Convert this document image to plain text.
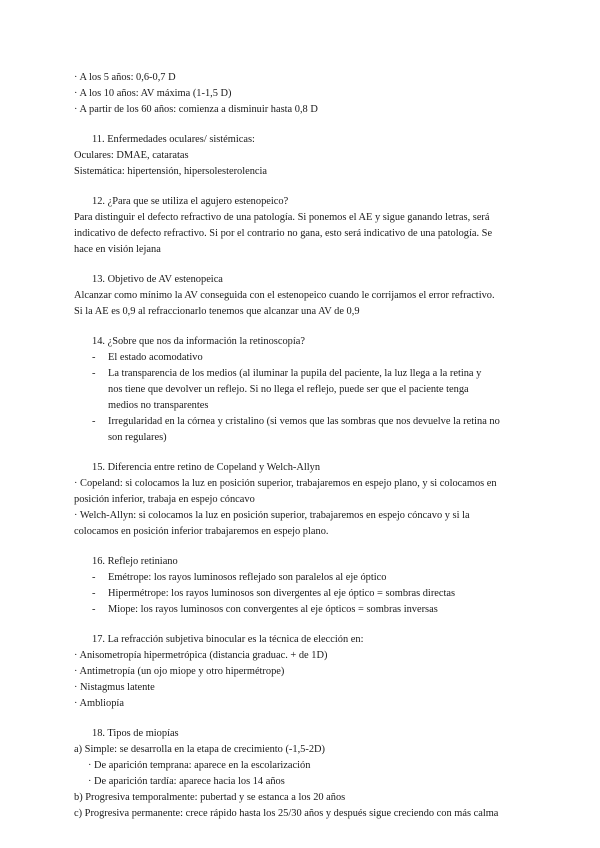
· A los 5 años: 0,6-0,7 D
· A los 10 años: AV máxima (1-1,5 D)
· A partir de los 60 años: comienza a disminuir hasta 0,8 D
11. Enfermedades oculares/ sistémicas:
Oculares: DMAE, cataratas
Sistemática: hipertensión, hipersolesterolencia
12. ¿Para que se utiliza el agujero estenopeico?
Para distinguir el defecto refractivo de una patología. Si ponemos el AE y sigue ganando letras, será
indicativo de defecto refractivo. Si por el contrario no gana, esto será indicativo de una patología. Se
hace en visión lejana
13. Objetivo de AV estenopeica
Alcanzar como mínimo la AV conseguida con el estenopeico cuando le corrijamos el error refractivo.
Si la AE es 0,9 al refraccionarlo tenemos que alcanzar una AV de 0,9
14. ¿Sobre que nos da información la retinoscopía?
- El estado acomodativo
- La transparencia de los medios (al iluminar la pupila del paciente, la luz llega a la retina y
nos tiene que devolver un reflejo. Si no llega el reflejo, puede ser que el paciente tenga
medios no transparentes
- Irregularidad en la córnea y cristalino (si vemos que las sombras que nos devuelve la retina no
son regulares)
15. Diferencia entre retino de Copeland y Welch-Allyn
· Copeland: si colocamos la luz en posición superior, trabajaremos en espejo plano, y si colocamos en
posición inferior, trabaja en espejo cóncavo
· Welch-Allyn: si colocamos la luz en posición superior, trabajaremos en espejo cóncavo y si la
colocamos en posición inferior trabajaremos en espejo plano.
16. Reflejo retiniano
- Emétrope: los rayos luminosos reflejado son paralelos al eje óptico
- Hipermétrope: los rayos luminosos son divergentes al eje óptico = sombras directas
- Miope: los rayos luminosos con convergentes al eje ópticos = sombras inversas
17. La refracción subjetiva binocular es la técnica de elección en:
· Anisometropía hipermetrópica (distancia graduac. + de 1D)
· Antimetropía (un ojo miope y otro hipermétrope)
· Nistagmus latente
· Ambliopía
18. Tipos de miopías
a) Simple: se desarrolla en la etapa de crecimiento (-1,5-2D)
· De aparición temprana: aparece en la escolarización
· De aparición tardía: aparece hacia los 14 años
b) Progresiva temporalmente: pubertad y se estanca a los 20 años
c) Progresiva permanente: crece rápido hasta los 25/30 años y después sigue creciendo con más calma
